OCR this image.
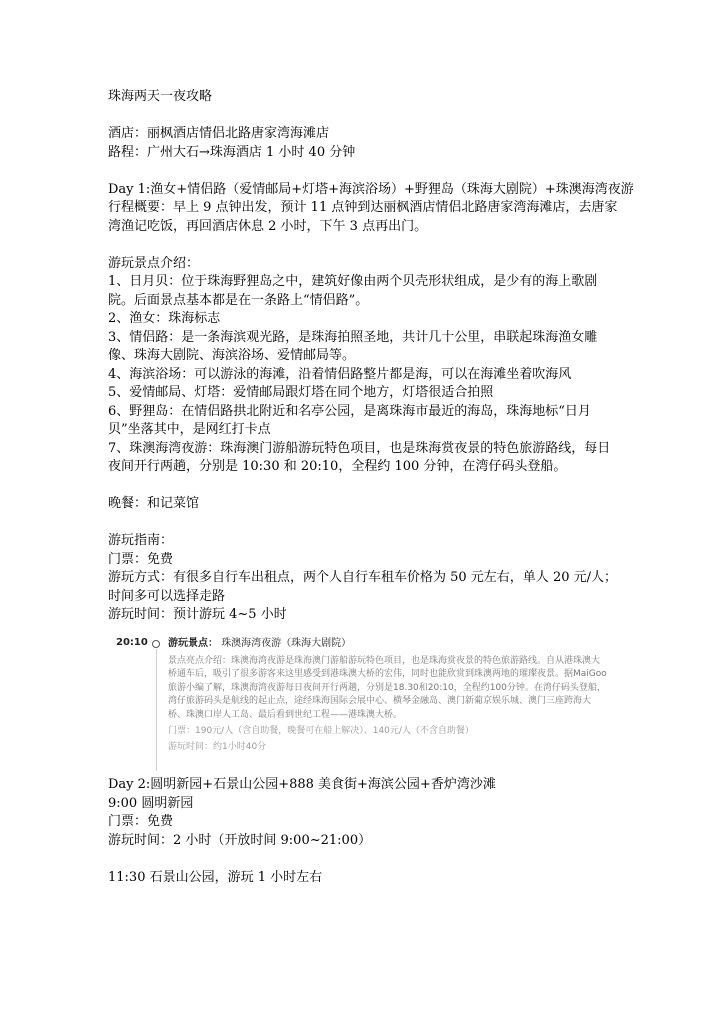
珠海两天一夜攻略
酒店：丽枫酒店情侣北路唐家湾海滩店
路程：广州大石→珠海酒店 1 小时 40 分钟
Day 1:渔女+情侣路（爱情邮局+灯塔+海滨浴场）+野狸岛（珠海大剧院）+珠澳海湾夜游
行程概要：早上 9 点钟出发，预计 11 点钟到达丽枫酒店情侣北路唐家湾海滩店，去唐家湾渔记吃饭，再回酒店休息 2 小时，下午 3 点再出门。
游玩景点介绍：
1、日月贝：位于珠海野狸岛之中，建筑好像由两个贝壳形状组成，是少有的海上歌剧院。后面景点基本都是在一条路上“情侣路”。
2、渔女：珠海标志
3、情侣路：是一条海滨观光路，是珠海拍照圣地，共计几十公里，串联起珠海渔女雕像、珠海大剧院、海滨浴场、爱情邮局等。
4、海滨浴场：可以游泳的海滩，沿着情侣路整片都是海，可以在海滩坐着吹海风
5、爱情邮局、灯塔：爱情邮局跟灯塔在同个地方，灯塔很适合拍照
6、野狸岛：在情侣路拱北附近和名亭公园，是离珠海市最近的海岛，珠海地标“日月贝”坐落其中，是网红打卡点
7、珠澳海湾夜游：珠海澳门游船游玩特色项目，也是珠海赏夜景的特色旅游路线，每日夜间开行两趟，分别是 10:30 和 20:10，全程约 100 分钟，在湾仔码头登船。
晚餐：和记菜馆
游玩指南：
门票：免费
游玩方式：有很多自行车出租点，两个人自行车租车价格为 50 元左右，单人 20 元/人；时间多可以选择走路
游玩时间：预计游玩 4~5 小时
20:10 游玩景点： 珠澳海湾夜游（珠海大剧院）
景点亮点介绍：珠澳海湾夜游是珠海澳门游船游玩特色项目，也是珠海赏夜景的特色旅游路线。自从港珠澳大桥通车后，吸引了很多游客来这里感受到港珠澳大桥的宏伟，同时也能欣赏到珠澳两地的璀璨夜景。据MaiGoo旅游小编了解，珠澳海湾夜游每日夜间开行两趟，分别是18.30和20:10，全程约100分钟。在湾仔码头登船，湾仔旅游码头是航线的起止点，途经珠海国际会展中心、横琴金融岛、澳门新葡京娱乐城、澳门三座跨海大桥、珠澳口岸人工岛、最后看到世纪工程——港珠澳大桥。
门票：190元/人（含自助餐，晚餐可在船上解决）、140元/人（不含自助餐）
游玩时间：约1小时40分
Day 2:圆明新园+石景山公园+888 美食街+海滨公园+香炉湾沙滩
9:00 圆明新园
门票：免费
游玩时间：2 小时（开放时间 9:00~21:00）
11:30 石景山公园，游玩 1 小时左右
